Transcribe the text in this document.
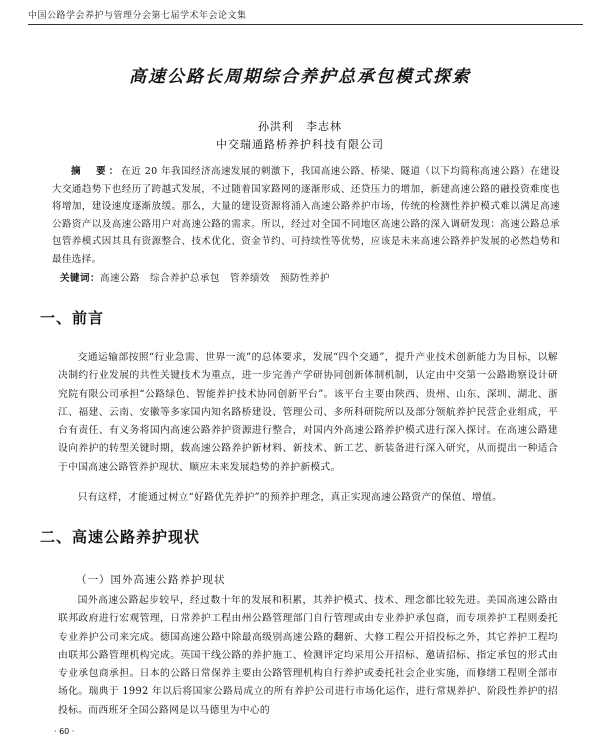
中国公路学会养护与管理分会第七届学术年会论文集
高速公路长周期综合养护总承包模式探索
孙洪利　李志林
中交瑞通路桥养护科技有限公司
摘　要：在近 20 年我国经济高速发展的刺激下，我国高速公路、桥梁、隧道（以下均简称高速公路）在建设大交通趋势下也经历了跨越式发展，不过随着国家路网的逐渐形成、还贷压力的增加，新建高速公路的融投资难度也将增加，建设速度逐渐放缓。那么，大量的建设资源将涌入高速公路养护市场，传统的检测性养护模式难以满足高速公路资产以及高速公路用户对高速公路的需求。所以，经过对全国不同地区高速公路的深入调研发现：高速公路总承包管养模式因其具有资源整合、技术优化、资金节约、可持续性等优势，应该是未来高速公路养护发展的必然趋势和最佳选择。
关键词：高速公路　综合养护总承包　管养绩效　预防性养护
一、前言
交通运输部按照“行业急需、世界一流”的总体要求，发展“四个交通”，提升产业技术创新能力为目标，以解决制约行业发展的共性关键技术为重点，进一步完善产学研协同创新体制机制，认定由中交第一公路勘察设计研究院有限公司承担“公路绿色、智能养护技术协同创新平台”。该平台主要由陕西、贵州、山东、深圳、湖北、浙江、福建、云南、安徽等多家国内知名路桥建设、管理公司、多所科研院所以及部分领航养护民营企业组成，平台有责任、有义务将国内高速公路养护资源进行整合，对国内外高速公路养护模式进行深入探讨。在高速公路建设向养护的转型关键时期，载高速公路养护新材料、新技术、新工艺、新装备进行深入研究，从而提出一种适合于中国高速公路管养护现状、顺应未来发展趋势的养护新模式。
只有这样，才能通过树立“好路优先养护”的预养护理念，真正实现高速公路资产的保值、增值。
二、高速公路养护现状
（一）国外高速公路养护现状
国外高速公路起步较早，经过数十年的发展和积累，其养护模式、技术、理念都比较先进。美国高速公路由联邦政府进行宏观管理，日常养护工程由州公路管理部门自行管理或由专业养护承包商，而专项养护工程则委托专业养护公司来完成。德国高速公路中除最高级别高速公路的翻新、大修工程公开招投标之外，其它养护工程均由联邦公路管理机构完成。英国干线公路的养护施工、检测评定均采用公开招标、邀请招标、指定承包的形式由专业承包商承担。日本的公路日常保养主要由公路管理机构自行养护或委托社会企业实施，而修缮工程则全部市场化。瑞典于 1992 年以后将国家公路局成立的所有养护公司进行市场化运作，进行常规养护、阶段性养护的招投标。而西班牙全国公路网是以马德里为中心的
· 60 ·
